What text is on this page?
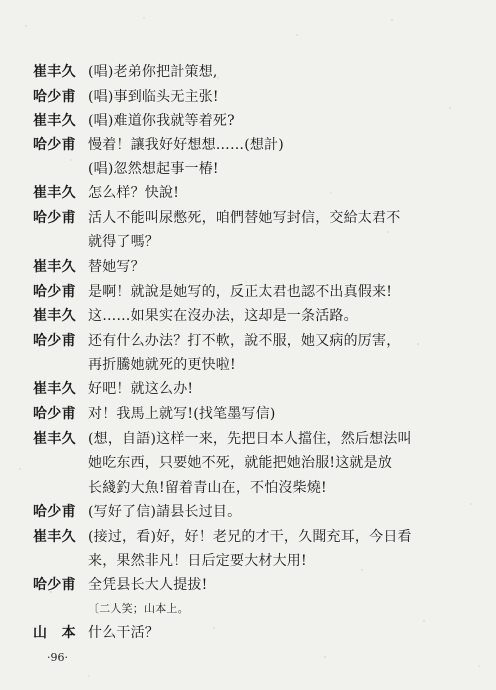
崔丰久 (唱)老弟你把計策想,
哈少甫 (唱)事到临头无主张!
崔丰久 (唱)难道你我就等着死?
哈少甫 慢着！讓我好好想想……(想計)
(唱)忽然想起事一椿!
崔丰久 怎么样？快說!
哈少甫 活人不能叫尿憋死，咱們替她写封信，交給太君不
就得了嗎？
崔丰久 替她写？
哈少甫 是啊！就說是她写的，反正太君也認不出真假来!
崔丰久 这……如果实在沒办法，这却是一条活路。
哈少甫 还有什么办法？打不軟，說不服，她又病的厉害，
再折騰她就死的更快啦!
崔丰久 好吧！就这么办!
哈少甫 对！我馬上就写!(找笔墨写信)
崔丰久 (想，自語)这样一来，先把日本人擋住，然后想法叫
她吃东西，只要她不死，就能把她治服!这就是放
长綫釣大魚!留着青山在，不怕沒柴燒!
哈少甫 (写好了信)請县长过目。
崔丰久 (接过，看)好，好！老兄的才干，久聞充耳，今日看
来，果然非凡！日后定要大材大用!
哈少甫 全凭县长大人提拔!
〔二人笑；山本上。
山　本 什么干活？
·96·
